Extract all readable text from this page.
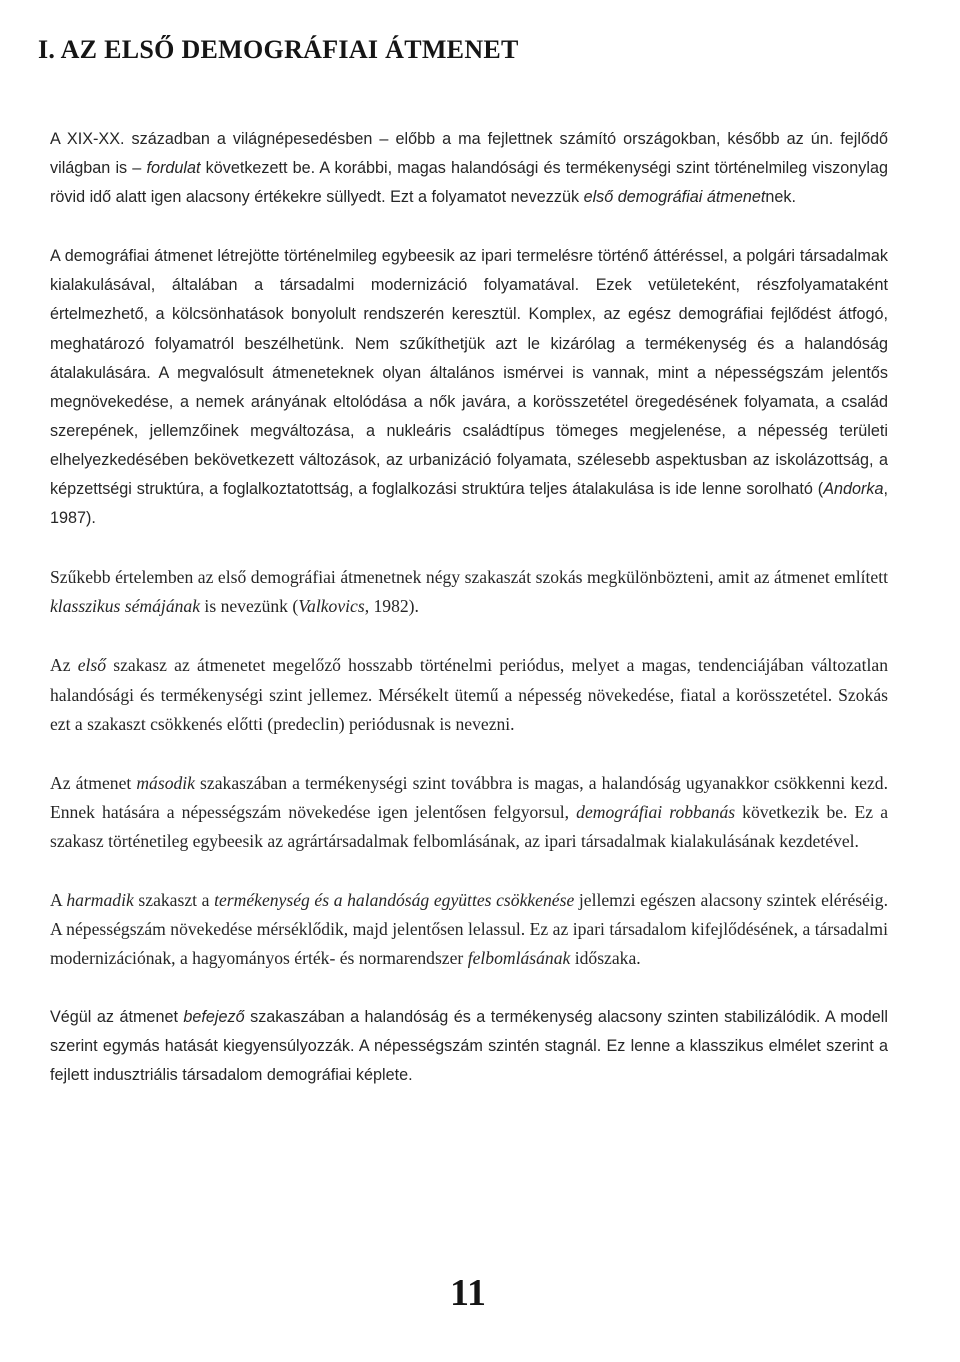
I. AZ ELSŐ DEMOGRÁFIAI ÁTMENET

A XIX-XX. században a világnépesedésben – előbb a ma fejlettnek számító országokban, később az ún. fejlődő világban is – fordulat következett be. A korábbi, magas halandósági és termékenységi szint történelmileg viszonylag rövid idő alatt igen alacsony értékekre süllyedt. Ezt a folyamatot nevezzük első demográfiai átmenetnek.

A demográfiai átmenet létrejötte történelmileg egybeesik az ipari termelésre történő áttéréssel, a polgári társadalmak kialakulásával, általában a társadalmi modernizáció folyamatával. Ezek vetületeként, részfolyamataként értelmezhető, a kölcsönhatások bonyolult rendszerén keresztül. Komplex, az egész demográfiai fejlődést átfogó, meghatározó folyamatról beszélhetünk. Nem szűkíthetjük azt le kizárólag a termékenység és a halandóság átalakulására. A megvalósult átmeneteknek olyan általános ismérvei is vannak, mint a népességszám jelentős megnövekedése, a nemek arányának eltolódása a nők javára, a korösszetétel öregedésének folyamata, a család szerepének, jellemzőinek megváltozása, a nukleáris családtípus tömeges megjelenése, a népesség területi elhelyezkedésében bekövetkezett változások, az urbanizáció folyamata, szélesebb aspektusban az iskolázottság, a képzettségi struktúra, a foglalkoztatottság, a foglalkozási struktúra teljes átalakulása is ide lenne sorolható (Andorka, 1987).

Szűkebb értelemben az első demográfiai átmenetnek négy szakaszát szokás megkülönbözteni, amit az átmenet említett klasszikus sémájának is nevezünk (Valkovics, 1982).

Az első szakasz az átmenetet megelőző hosszabb történelmi periódus, melyet a magas, tendenciájában változatlan halandósági és termékenységi szint jellemez. Mérsékelt ütemű a népesség növekedése, fiatal a korösszetétel. Szokás ezt a szakaszt csökkenés előtti (predeclin) periódusnak is nevezni.

Az átmenet második szakaszában a termékenységi szint továbbra is magas, a halandóság ugyanakkor csökkenni kezd. Ennek hatására a népességszám növekedése igen jelentősen felgyorsul, demográfiai robbanás következik be. Ez a szakasz történetileg egybeesik az agrártársadalmak felbomlásának, az ipari társadalmak kialakulásának kezdetével.

A harmadik szakaszt a termékenység és a halandóság együttes csökkenése jellemzi egészen alacsony szintek eléréséig. A népességszám növekedése mérséklődik, majd jelentősen lelassul. Ez az ipari társadalom kifejlődésének, a társadalmi modernizációnak, a hagyományos érték- és normarendszer felbomlásának időszaka.

Végül az átmenet befejező szakaszában a halandóság és a termékenység alacsony szinten stabilizálódik. A modell szerint egymás hatását kiegyensúlyozzák. A népességszám szintén stagnál. Ez lenne a klasszikus elmélet szerint a fejlett indusztriális társadalom demográfiai képlete.

11
